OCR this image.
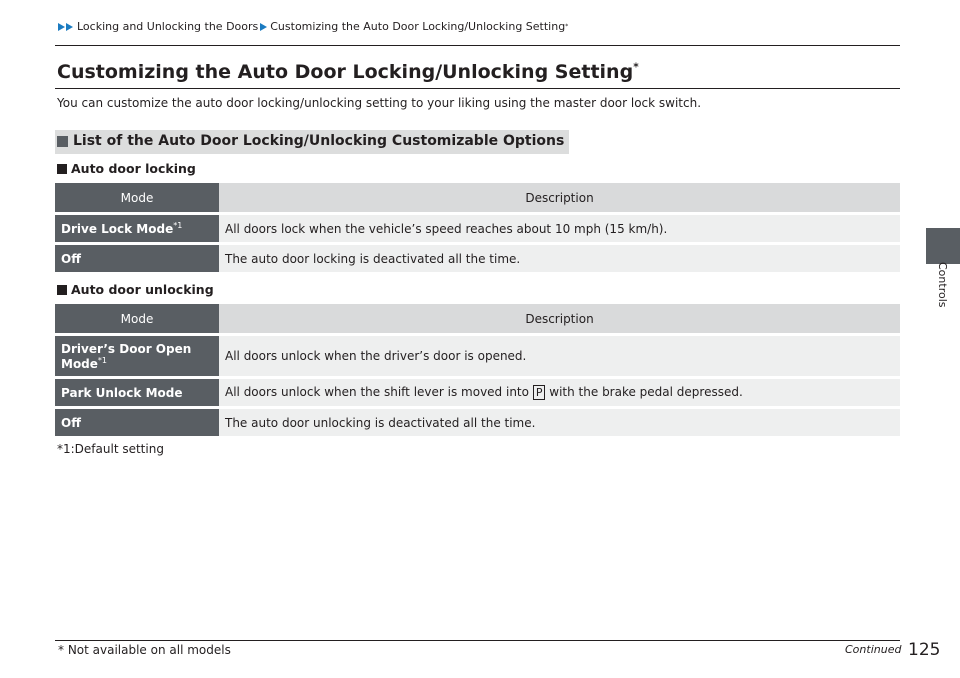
Locking and Unlocking the Doors Customizing the Auto Door Locking/Unlocking Setting *
Customizing the Auto Door Locking/Unlocking Setting*
You can customize the auto door locking/unlocking setting to your liking using the master door lock switch.
List of the Auto Door Locking/Unlocking Customizable Options
Auto door locking
Mode	Description
Drive Lock Mode$^{*1}$	All doors lock when the vehicle’s speed reaches about 10 mph (15 km/h).
Off	The auto door locking is deactivated all the time.
Auto door unlocking
Mode	Description
Driver’s Door Open
Mode$^{*1}$	All doors unlock when the driver’s door is opened.
Park Unlock Mode	All doors unlock when the shift lever is moved into P with the brake pedal depressed.
Off	The auto door unlocking is deactivated all the time.
*1:Default setting
Controls
* Not available on all models	Continued 125
